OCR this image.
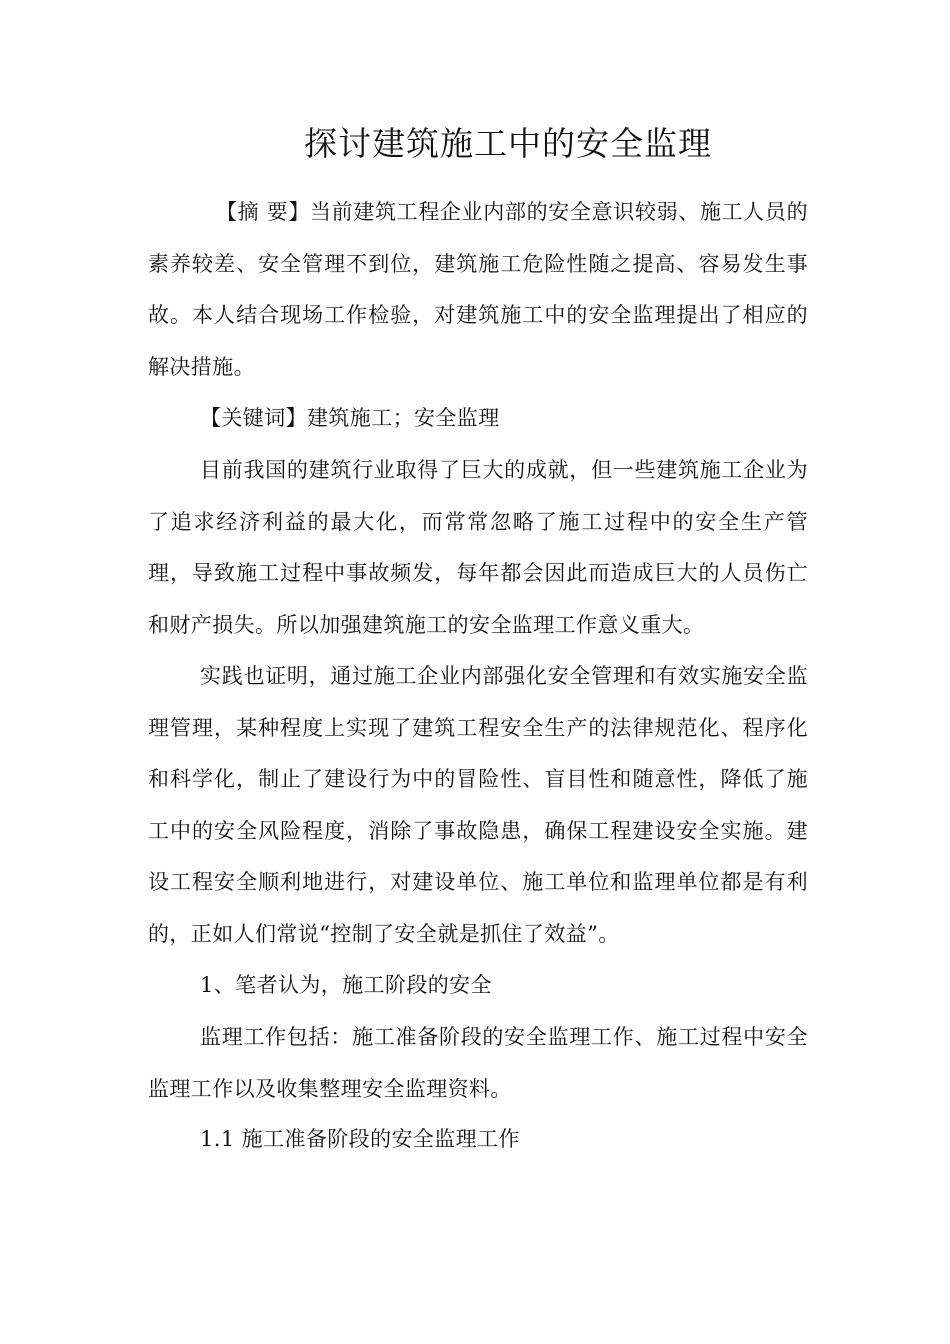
探讨建筑施工中的安全监理

【摘 要】当前建筑工程企业内部的安全意识较弱、施工人员的素养较差、安全管理不到位，建筑施工危险性随之提高、容易发生事故。本人结合现场工作检验，对建筑施工中的安全监理提出了相应的解决措施。

【关键词】建筑施工；安全监理

目前我国的建筑行业取得了巨大的成就，但一些建筑施工企业为了追求经济利益的最大化，而常常忽略了施工过程中的安全生产管理，导致施工过程中事故频发，每年都会因此而造成巨大的人员伤亡和财产损失。所以加强建筑施工的安全监理工作意义重大。

实践也证明，通过施工企业内部强化安全管理和有效实施安全监理管理，某种程度上实现了建筑工程安全生产的法律规范化、程序化和科学化，制止了建设行为中的冒险性、盲目性和随意性，降低了施工中的安全风险程度，消除了事故隐患，确保工程建设安全实施。建设工程安全顺利地进行，对建设单位、施工单位和监理单位都是有利的，正如人们常说“控制了安全就是抓住了效益”。

1、笔者认为，施工阶段的安全

监理工作包括：施工准备阶段的安全监理工作、施工过程中安全监理工作以及收集整理安全监理资料。

1.1 施工准备阶段的安全监理工作
